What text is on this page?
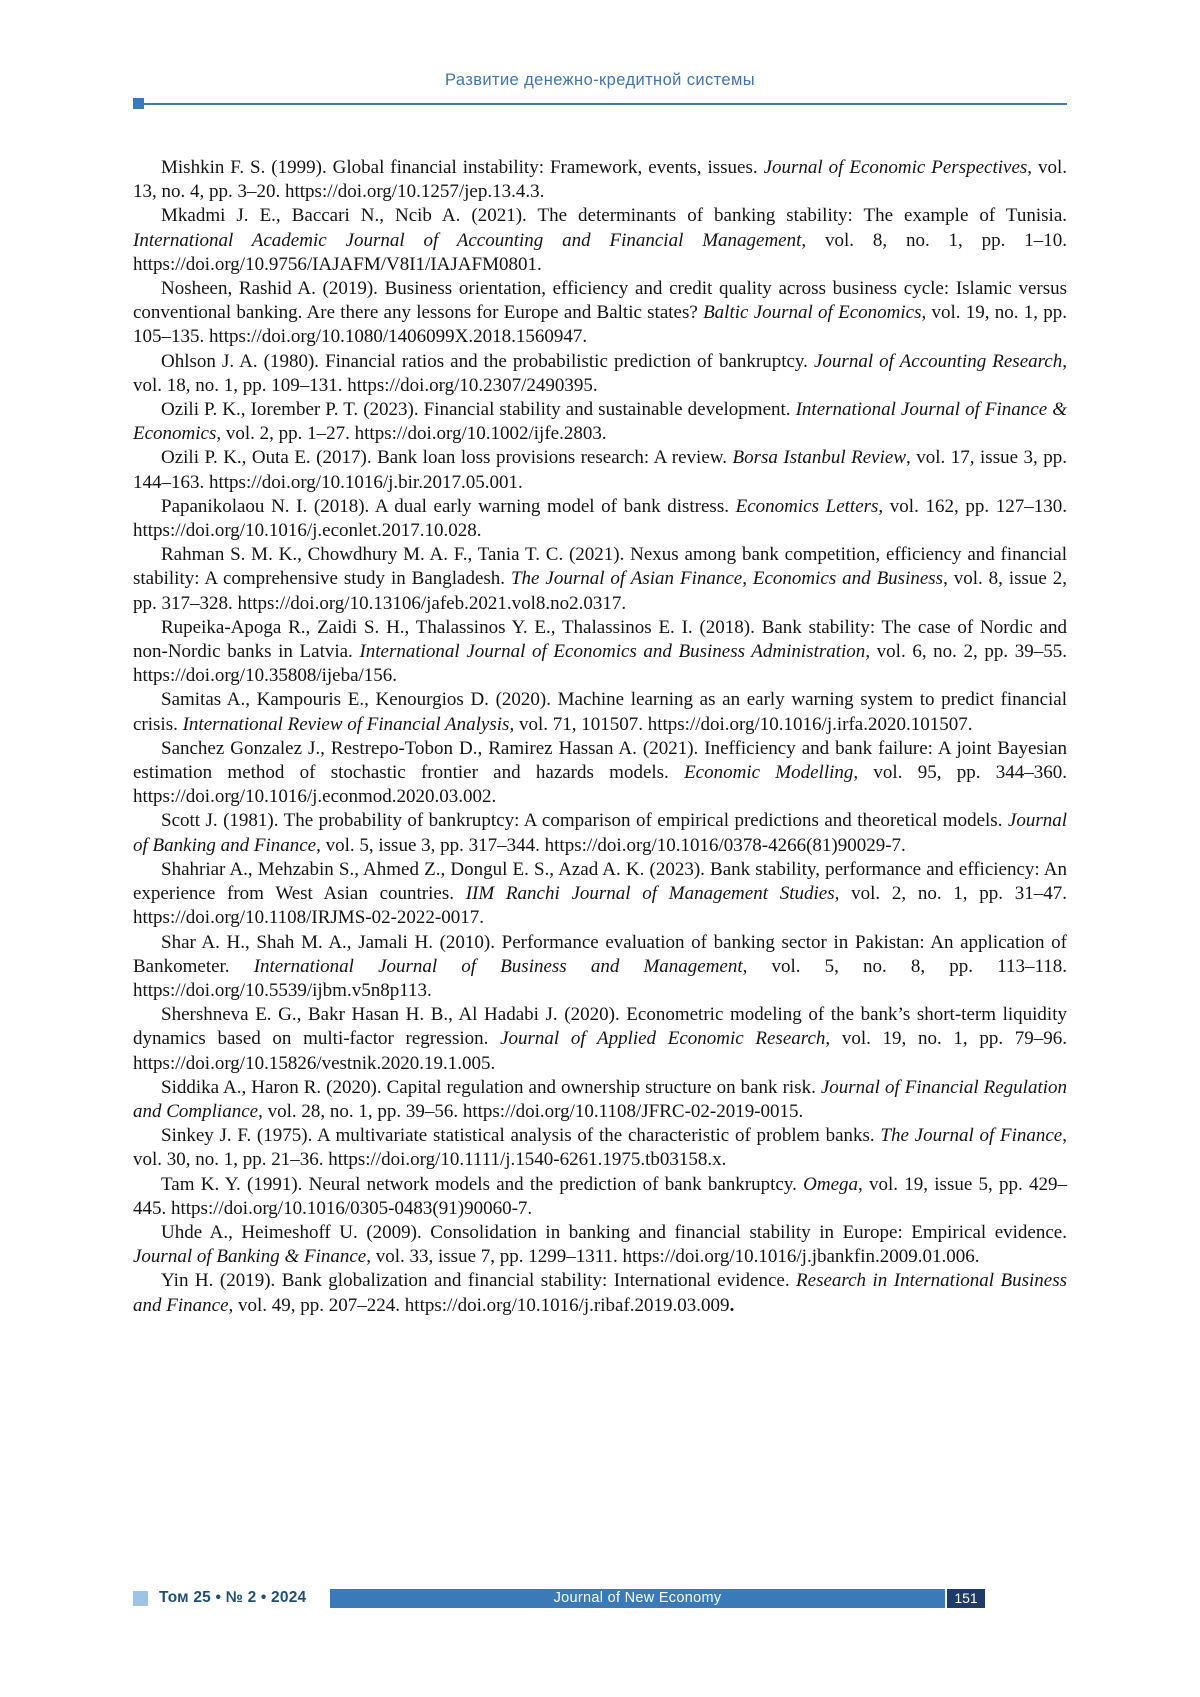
Развитие денежно-кредитной системы

Mishkin F. S. (1999). Global financial instability: Framework, events, issues. Journal of Economic Perspectives, vol. 13, no. 4, pp. 3–20. https://doi.org/10.1257/jep.13.4.3.

Mkadmi J. E., Baccari N., Ncib A. (2021). The determinants of banking stability: The example of Tunisia. International Academic Journal of Accounting and Financial Management, vol. 8, no. 1, pp. 1–10. https://doi.org/10.9756/IAJAFM/V8I1/IAJAFM0801.

Nosheen, Rashid A. (2019). Business orientation, efficiency and credit quality across business cycle: Islamic versus conventional banking. Are there any lessons for Europe and Baltic states? Baltic Journal of Economics, vol. 19, no. 1, pp. 105–135. https://doi.org/10.1080/1406099X.2018.1560947.

Ohlson J. A. (1980). Financial ratios and the probabilistic prediction of bankruptcy. Journal of Accounting Research, vol. 18, no. 1, pp. 109–131. https://doi.org/10.2307/2490395.

Ozili P. K., Iorember P. T. (2023). Financial stability and sustainable development. International Journal of Finance & Economics, vol. 2, pp. 1–27. https://doi.org/10.1002/ijfe.2803.

Ozili P. K., Outa E. (2017). Bank loan loss provisions research: A review. Borsa Istanbul Review, vol. 17, issue 3, pp. 144–163. https://doi.org/10.1016/j.bir.2017.05.001.

Papanikolaou N. I. (2018). A dual early warning model of bank distress. Economics Letters, vol. 162, pp. 127–130. https://doi.org/10.1016/j.econlet.2017.10.028.

Rahman S. M. K., Chowdhury M. A. F., Tania T. C. (2021). Nexus among bank competition, efficiency and financial stability: A comprehensive study in Bangladesh. The Journal of Asian Finance, Economics and Business, vol. 8, issue 2, pp. 317–328. https://doi.org/10.13106/jafeb.2021.vol8.no2.0317.

Rupeika-Apoga R., Zaidi S. H., Thalassinos Y. E., Thalassinos E. I. (2018). Bank stability: The case of Nordic and non-Nordic banks in Latvia. International Journal of Economics and Business Administration, vol. 6, no. 2, pp. 39–55. https://doi.org/10.35808/ijeba/156.

Samitas A., Kampouris E., Kenourgios D. (2020). Machine learning as an early warning system to predict financial crisis. International Review of Financial Analysis, vol. 71, 101507. https://doi.org/10.1016/j.irfa.2020.101507.

Sanchez Gonzalez J., Restrepo-Tobon D., Ramirez Hassan A. (2021). Inefficiency and bank failure: A joint Bayesian estimation method of stochastic frontier and hazards models. Economic Modelling, vol. 95, pp. 344–360. https://doi.org/10.1016/j.econmod.2020.03.002.

Scott J. (1981). The probability of bankruptcy: A comparison of empirical predictions and theoretical models. Journal of Banking and Finance, vol. 5, issue 3, pp. 317–344. https://doi.org/10.1016/0378-4266(81)90029-7.

Shahriar A., Mehzabin S., Ahmed Z., Dongul E. S., Azad A. K. (2023). Bank stability, performance and efficiency: An experience from West Asian countries. IIM Ranchi Journal of Management Studies, vol. 2, no. 1, pp. 31–47. https://doi.org/10.1108/IRJMS-02-2022-0017.

Shar A. H., Shah M. A., Jamali H. (2010). Performance evaluation of banking sector in Pakistan: An application of Bankometer. International Journal of Business and Management, vol. 5, no. 8, pp. 113–118. https://doi.org/10.5539/ijbm.v5n8p113.

Shershneva E. G., Bakr Hasan H. B., Al Hadabi J. (2020). Econometric modeling of the bank’s short-term liquidity dynamics based on multi-factor regression. Journal of Applied Economic Research, vol. 19, no. 1, pp. 79–96. https://doi.org/10.15826/vestnik.2020.19.1.005.

Siddika A., Haron R. (2020). Capital regulation and ownership structure on bank risk. Journal of Financial Regulation and Compliance, vol. 28, no. 1, pp. 39–56. https://doi.org/10.1108/JFRC-02-2019-0015.

Sinkey J. F. (1975). A multivariate statistical analysis of the characteristic of problem banks. The Journal of Finance, vol. 30, no. 1, pp. 21–36. https://doi.org/10.1111/j.1540-6261.1975.tb03158.x.

Tam K. Y. (1991). Neural network models and the prediction of bank bankruptcy. Omega, vol. 19, issue 5, pp. 429–445. https://doi.org/10.1016/0305-0483(91)90060-7.

Uhde A., Heimeshoff U. (2009). Consolidation in banking and financial stability in Europe: Empirical evidence. Journal of Banking & Finance, vol. 33, issue 7, pp. 1299–1311. https://doi.org/10.1016/j.jbankfin.2009.01.006.

Yin H. (2019). Bank globalization and financial stability: International evidence. Research in International Business and Finance, vol. 49, pp. 207–224. https://doi.org/10.1016/j.ribaf.2019.03.009.

Том 25 • № 2 • 2024	Journal of New Economy	151
